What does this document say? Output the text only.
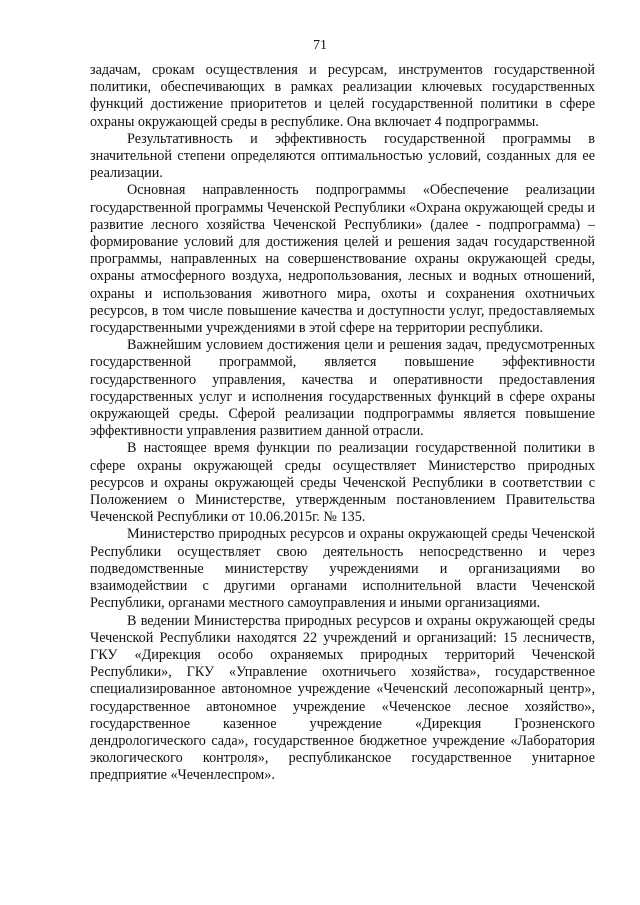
71

задачам, срокам осуществления и ресурсам, инструментов государственной политики, обеспечивающих в рамках реализации ключевых государственных функций достижение приоритетов и целей государственной политики в сфере охраны окружающей среды в республике. Она включает 4 подпрограммы.

Результативность и эффективность государственной программы в значительной степени определяются оптимальностью условий, созданных для ее реализации.

Основная направленность подпрограммы «Обеспечение реализации государственной программы Чеченской Республики «Охрана окружающей среды и развитие лесного хозяйства Чеченской Республики» (далее - подпрограмма) – формирование условий для достижения целей и решения задач государственной программы, направленных на совершенствование охраны окружающей среды, охраны атмосферного воздуха, недропользования, лесных и водных отношений, охраны и использования животного мира, охоты и сохранения охотничьих ресурсов, в том числе повышение качества и доступности услуг, предоставляемых государственными учреждениями в этой сфере на территории республики.

Важнейшим условием достижения цели и решения задач, предусмотренных государственной программой, является повышение эффективности государственного управления, качества и оперативности предоставления государственных услуг и исполнения государственных функций в сфере охраны окружающей среды. Сферой реализации подпрограммы является повышение эффективности управления развитием данной отрасли.

В настоящее время функции по реализации государственной политики в сфере охраны окружающей среды осуществляет Министерство природных ресурсов и охраны окружающей среды Чеченской Республики в соответствии с Положением о Министерстве, утвержденным постановлением Правительства Чеченской Республики от 10.06.2015г. № 135.

Министерство природных ресурсов и охраны окружающей среды Чеченской Республики осуществляет свою деятельность непосредственно и через подведомственные министерству учреждениями и организациями во взаимодействии с другими органами исполнительной власти Чеченской Республики, органами местного самоуправления и иными организациями.

В ведении Министерства природных ресурсов и охраны окружающей среды Чеченской Республики находятся 22 учреждений и организаций: 15 лесничеств, ГКУ «Дирекция особо охраняемых природных территорий Чеченской Республики», ГКУ «Управление охотничьего хозяйства», государственное специализированное автономное учреждение «Чеченский лесопожарный центр», государственное автономное учреждение «Чеченское лесное хозяйство», государственное казенное учреждение «Дирекция Грозненского дендрологического сада», государственное бюджетное учреждение «Лаборатория экологического контроля», республиканское государственное унитарное предприятие «Чеченлеспром».
